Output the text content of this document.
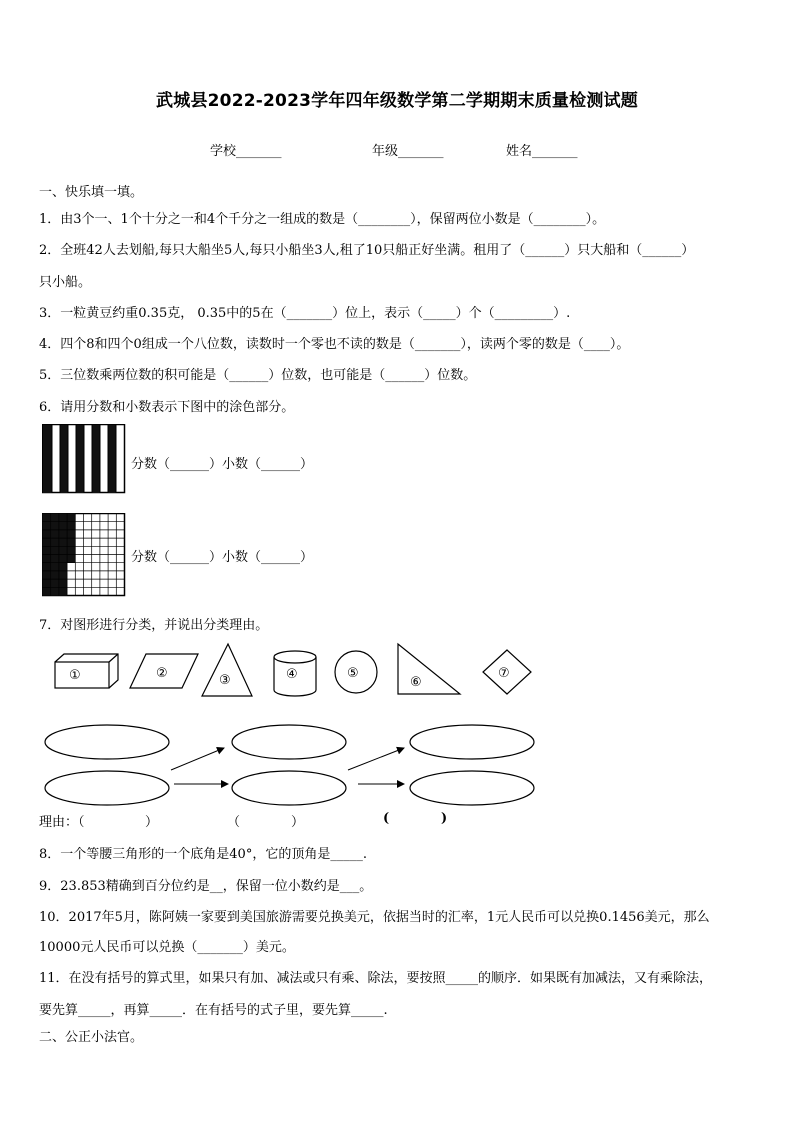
武城县2022-2023学年四年级数学第二学期期末质量检测试题
学校_______	年级_______	姓名_______
一、快乐填一填。
1．由3个一、1个十分之一和4个千分之一组成的数是（________），保留两位小数是（________）。
2．全班42人去划船,每只大船坐5人,每只小船坐3人,租了10只船正好坐满。租用了（______）只大船和（______）
只小船。
3．一粒黄豆约重0.35克， 0.35中的5在（_______）位上，表示（_____）个（_________）.
4．四个8和四个0组成一个八位数，读数时一个零也不读的数是（_______），读两个零的数是（____）。
5．三位数乘两位数的积可能是（______）位数，也可能是（______）位数。
6．请用分数和小数表示下图中的涂色部分。
分数（______）小数（______）
分数（______）小数（______）
7．对图形进行分类，并说出分类理由。
①	②	③	④	⑤
⑥
⑦
理由：（	）	（	）	(	)
8．一个等腰三角形的一个底角是40°，它的顶角是_____.
9．23.853精确到百分位约是__，保留一位小数约是___。
10．2017年5月，陈阿姨一家要到美国旅游需要兑换美元，依据当时的汇率，1元人民币可以兑换0.1456美元，那么
10000元人民币可以兑换（_______）美元。
11．在没有括号的算式里，如果只有加、减法或只有乘、除法，要按照_____的顺序．如果既有加减法，又有乘除法，
要先算_____，再算_____．在有括号的式子里，要先算_____.
二、公正小法官。
